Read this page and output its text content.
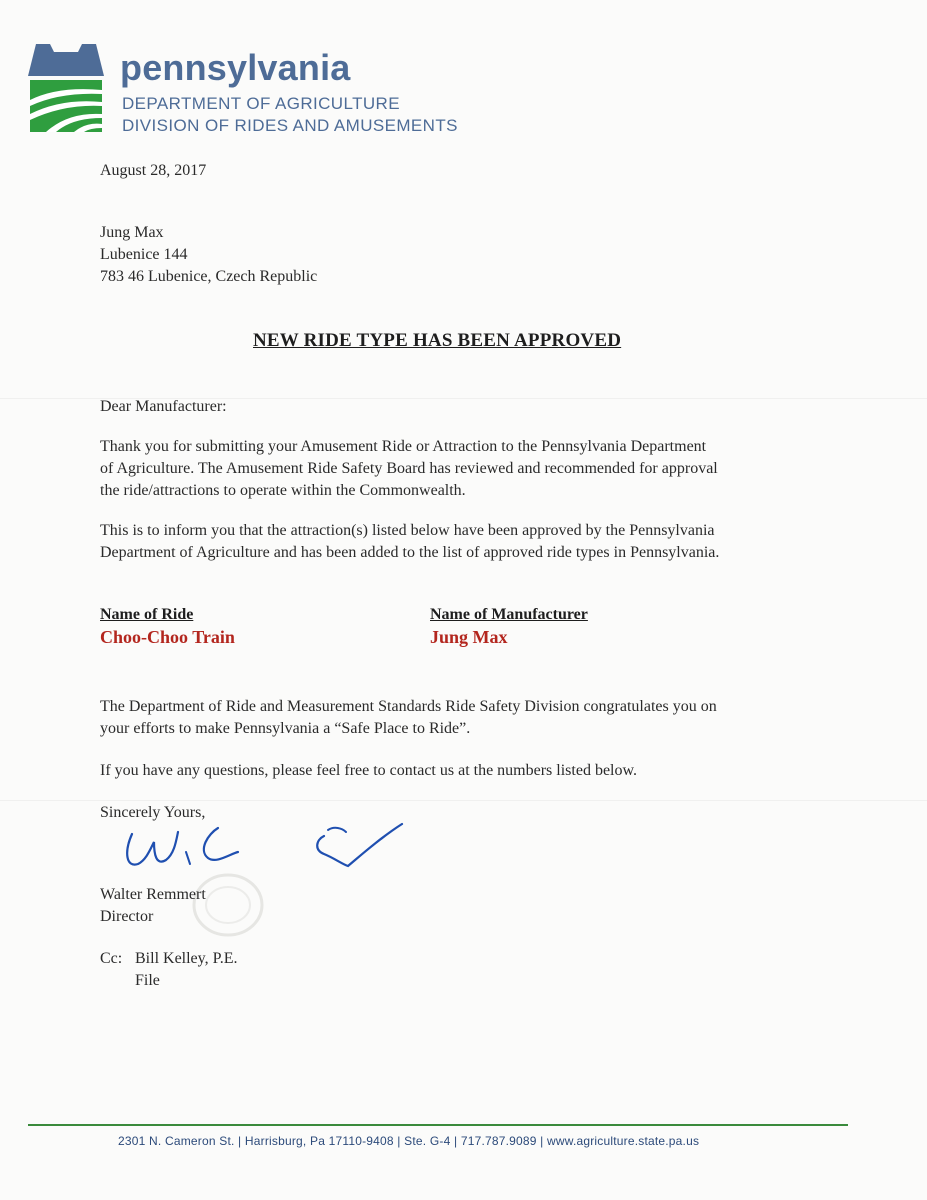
pennsylvania
DEPARTMENT OF AGRICULTURE
DIVISION OF RIDES AND AMUSEMENTS
August 28, 2017
Jung Max
Lubenice 144
783 46 Lubenice, Czech Republic
NEW RIDE TYPE HAS BEEN APPROVED
Dear Manufacturer:
Thank you for submitting your Amusement Ride or Attraction to the Pennsylvania Department
of Agriculture. The Amusement Ride Safety Board has reviewed and recommended for approval
the ride/attractions to operate within the Commonwealth.
This is to inform you that the attraction(s) listed below have been approved by the Pennsylvania
Department of Agriculture and has been added to the list of approved ride types in Pennsylvania.
Name of Ride
Choo-Choo Train
Name of Manufacturer
Jung Max
The Department of Ride and Measurement Standards Ride Safety Division congratulates you on
your efforts to make Pennsylvania a “Safe Place to Ride”.
If you have any questions, please feel free to contact us at the numbers listed below.
Sincerely Yours,
Walter Remmert
Director
Cc: Bill Kelley, P.E.
File
2301 N. Cameron St. | Harrisburg, Pa 17110-9408 | Ste. G-4 | 717.787.9089 | www.agriculture.state.pa.us
